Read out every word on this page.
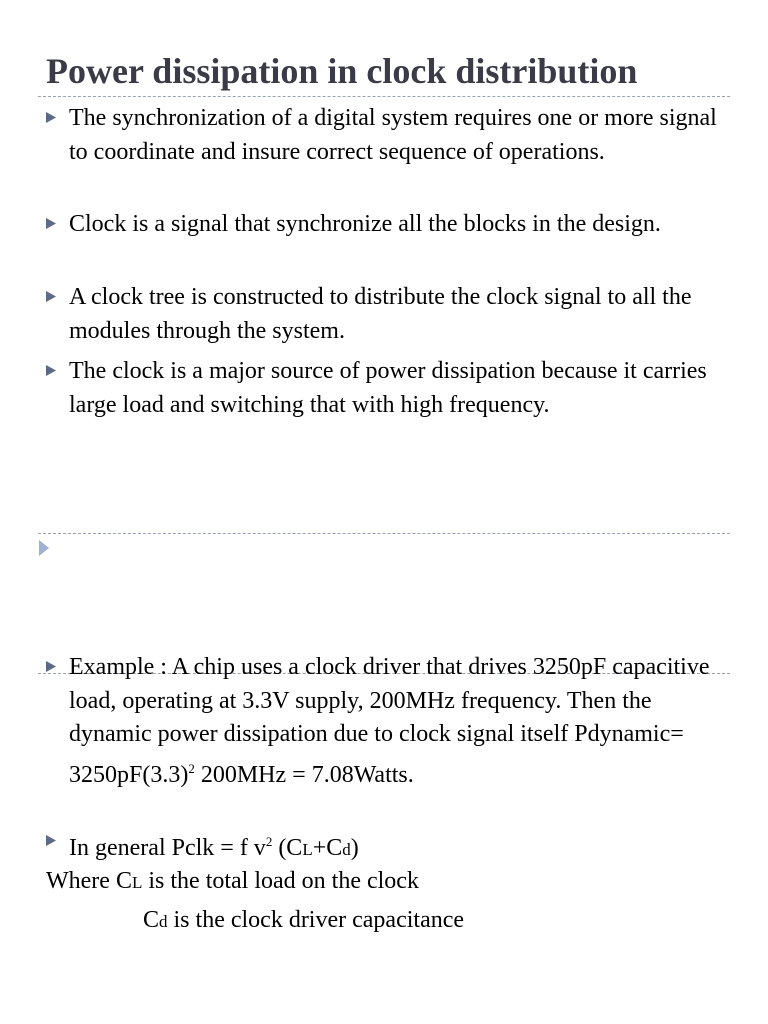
Power dissipation in clock distribution
The synchronization of a digital system requires one or more signal to coordinate and insure correct sequence of operations.
Clock is a signal that synchronize all the blocks in the design.
A clock tree is constructed to distribute the clock signal to all the modules through the system.
The clock is a major source of power dissipation because it carries large load and switching that with high frequency.
Example : A chip uses a clock driver that drives 3250pF capacitive load, operating at 3.3V supply, 200MHz frequency. Then the dynamic power dissipation due to clock signal itself Pdynamic= $3250pF(3.3)^2$ 200MHz = 7.08Watts.
In general Pclk = f $v^2$ (CL+Cd)
Where CL is the total load on the clock
Cd is the clock driver capacitance
